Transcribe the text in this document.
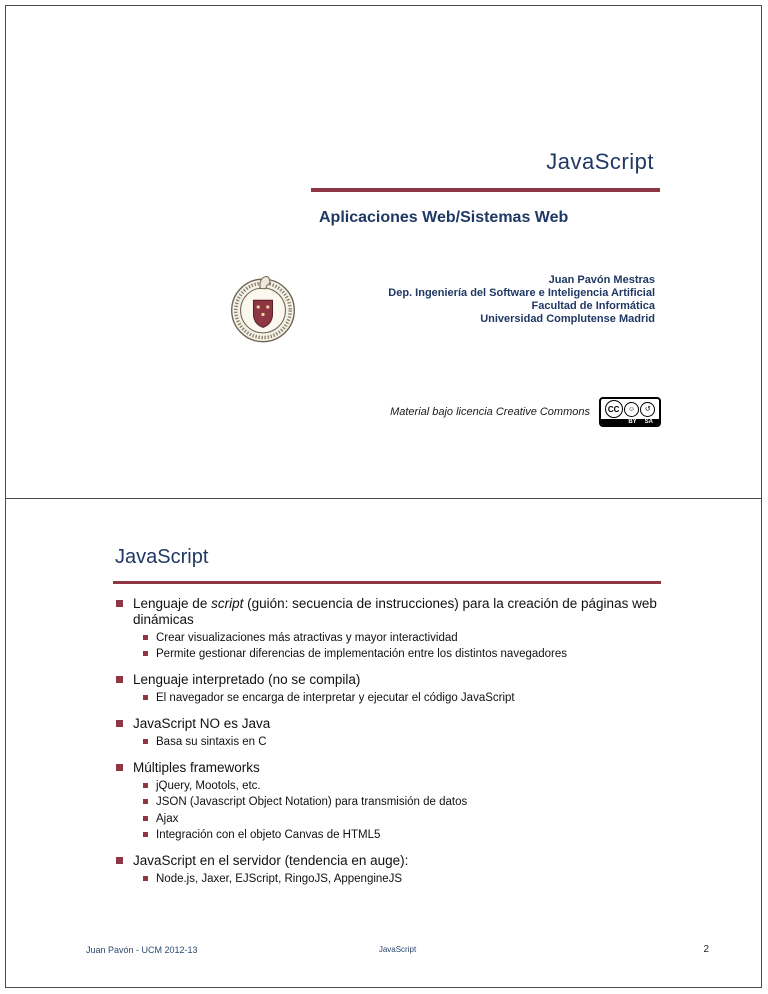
JavaScript
Aplicaciones Web/Sistemas Web
Juan Pavón Mestras
Dep. Ingeniería del Software e Inteligencia Artificial
Facultad de Informática
Universidad Complutense Madrid
Material bajo licencia Creative Commons	CC	☺	↺
BY SA
JavaScript
Lenguaje de script (guión: secuencia de instrucciones) para la creación de páginas web dinámicas
Crear visualizaciones más atractivas y mayor interactividad
Permite gestionar diferencias de implementación entre los distintos navegadores
Lenguaje interpretado (no se compila)
El navegador se encarga de interpretar y ejecutar el código JavaScript
JavaScript NO es Java
Basa su sintaxis en C
Múltiples frameworks
jQuery, Mootols, etc.
JSON (Javascript Object Notation) para transmisión de datos
Ajax
Integración con el objeto Canvas de HTML5
JavaScript en el servidor (tendencia en auge):
Node.js, Jaxer, EJScript, RingoJS, AppengineJS
Juan Pavón - UCM 2012-13	JavaScript	2
